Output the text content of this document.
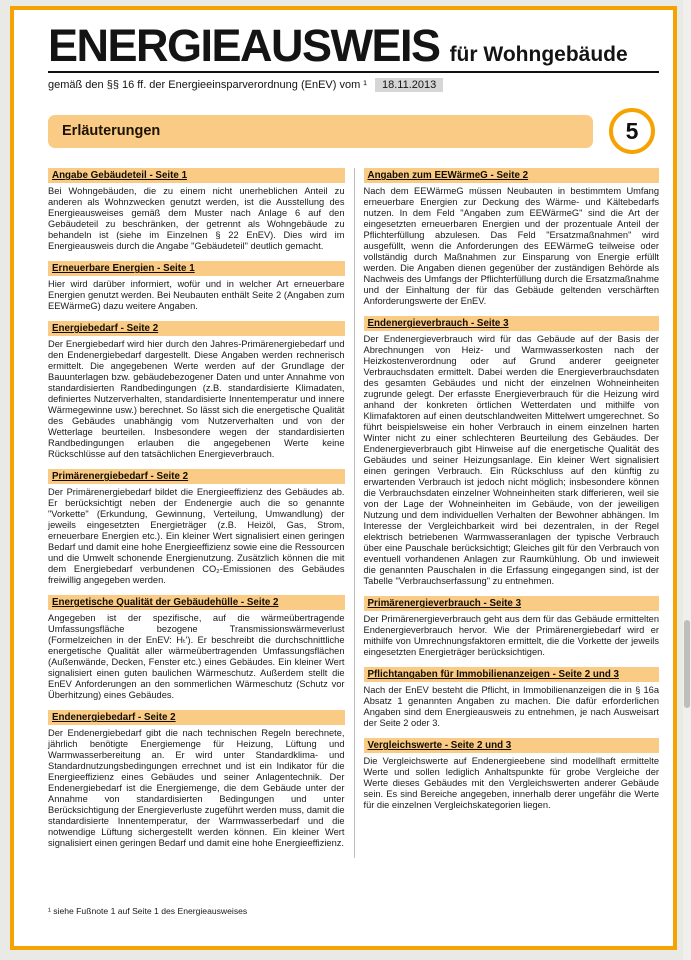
ENERGIEAUSWEIS für Wohngebäude
gemäß den §§ 16 ff. der Energieeinsparverordnung (EnEV) vom ¹	18.11.2013
Erläuterungen	5
Angabe Gebäudeteil - Seite 1

Bei Wohngebäuden, die zu einem nicht unerheblichen Anteil zu anderen als Wohnzwecken genutzt werden, ist die Ausstellung des Energieausweises gemäß dem Muster nach Anlage 6 auf den Gebäudeteil zu beschränken, der getrennt als Wohngebäude zu behandeln ist (siehe im Einzelnen § 22 EnEV). Dies wird im Energieausweis durch die Angabe "Gebäudeteil" deutlich gemacht.

Erneuerbare Energien - Seite 1

Hier wird darüber informiert, wofür und in welcher Art erneuerbare Energien genutzt werden. Bei Neubauten enthält Seite 2 (Angaben zum EEWärmeG) dazu weitere Angaben.

Energiebedarf - Seite 2

Der Energiebedarf wird hier durch den Jahres-Primärenergiebedarf und den Endenergiebedarf dargestellt. Diese Angaben werden rechnerisch ermittelt. Die angegebenen Werte werden auf der Grundlage der Bauunterlagen bzw. gebäudebezogener Daten und unter Annahme von standardisierten Randbedingungen (z.B. standardisierte Klimadaten, definiertes Nutzerverhalten, standardisierte Innentemperatur und innere Wärmegewinne usw.) berechnet. So lässt sich die energetische Qualität des Gebäudes unabhängig vom Nutzerverhalten und von der Wetterlage beurteilen. Insbesondere wegen der standardisierten Randbedingungen erlauben die angegebenen Werte keine Rückschlüsse auf den tatsächlichen Energieverbrauch.

Primärenergiebedarf - Seite 2

Der Primärenergiebedarf bildet die Energieeffizienz des Gebäudes ab. Er berücksichtigt neben der Endenergie auch die so genannte "Vorkette" (Erkundung, Gewinnung, Verteilung, Umwandlung) der jeweils eingesetzten Energieträger (z.B. Heizöl, Gas, Strom, erneuerbare Energien etc.). Ein kleiner Wert signalisiert einen geringen Bedarf und damit eine hohe Energieeffizienz sowie eine die Ressourcen und die Umwelt schonende Energienutzung. Zusätzlich können die mit dem Energiebedarf verbundenen CO₂-Emissionen des Gebäudes freiwillig angegeben werden.

Energetische Qualität der Gebäudehülle - Seite 2

Angegeben ist der spezifische, auf die wärmeübertragende Umfassungsfläche bezogene Transmissionswärmeverlust (Formelzeichen in der EnEV: Hₜ'). Er beschreibt die durchschnittliche energetische Qualität aller wärmeübertragenden Umfassungsflächen (Außenwände, Decken, Fenster etc.) eines Gebäudes. Ein kleiner Wert signalisiert einen guten baulichen Wärmeschutz. Außerdem stellt die EnEV Anforderungen an den sommerlichen Wärmeschutz (Schutz vor Überhitzung) eines Gebäudes.

Endenergiebedarf - Seite 2

Der Endenergiebedarf gibt die nach technischen Regeln berechnete, jährlich benötigte Energiemenge für Heizung, Lüftung und Warmwasserbereitung an. Er wird unter Standardklima- und Standardnutzungsbedingungen errechnet und ist ein Indikator für die Energieeffizienz eines Gebäudes und seiner Anlagentechnik. Der Endenergiebedarf ist die Energiemenge, die dem Gebäude unter der Annahme von standardisierten Bedingungen und unter Berücksichtigung der Energieverluste zugeführt werden muss, damit die standardisierte Innentemperatur, der Warmwasserbedarf und die notwendige Lüftung sichergestellt werden können. Ein kleiner Wert signalisiert einen geringen Bedarf und damit eine hohe Energieeffizienz.

Angaben zum EEWärmeG - Seite 2

Nach dem EEWärmeG müssen Neubauten in bestimmtem Umfang erneuerbare Energien zur Deckung des Wärme- und Kältebedarfs nutzen. In dem Feld "Angaben zum EEWärmeG" sind die Art der eingesetzten erneuerbaren Energien und der prozentuale Anteil der Pflichterfüllung abzulesen. Das Feld "Ersatzmaßnahmen" wird ausgefüllt, wenn die Anforderungen des EEWärmeG teilweise oder vollständig durch Maßnahmen zur Einsparung von Energie erfüllt werden. Die Angaben dienen gegenüber der zuständigen Behörde als Nachweis des Umfangs der Pflichterfüllung durch die Ersatzmaßnahme und der Einhaltung der für das Gebäude geltenden verschärften Anforderungswerte der EnEV.

Endenergieverbrauch - Seite 3

Der Endenergieverbrauch wird für das Gebäude auf der Basis der Abrechnungen von Heiz- und Warmwasserkosten nach der Heizkostenverordnung oder auf Grund anderer geeigneter Verbrauchsdaten ermittelt. Dabei werden die Energieverbrauchsdaten des gesamten Gebäudes und nicht der einzelnen Wohneinheiten zugrunde gelegt. Der erfasste Energieverbrauch für die Heizung wird anhand der konkreten örtlichen Wetterdaten und mithilfe von Klimafaktoren auf einen deutschlandweiten Mittelwert umgerechnet. So führt beispielsweise ein hoher Verbrauch in einem einzelnen harten Winter nicht zu einer schlechteren Beurteilung des Gebäudes. Der Endenergieverbrauch gibt Hinweise auf die energetische Qualität des Gebäudes und seiner Heizungsanlage. Ein kleiner Wert signalisiert einen geringen Verbrauch. Ein Rückschluss auf den künftig zu erwartenden Verbrauch ist jedoch nicht möglich; insbesondere können die Verbrauchsdaten einzelner Wohneinheiten stark differieren, weil sie von der Lage der Wohneinheiten im Gebäude, von der jeweiligen Nutzung und dem individuellen Verhalten der Bewohner abhängen. Im Interesse der Vergleichbarkeit wird bei dezentralen, in der Regel elektrisch betriebenen Warmwasseranlagen der typische Verbrauch über eine Pauschale berücksichtigt; Gleiches gilt für den Verbrauch von eventuell vorhandenen Anlagen zur Raumkühlung. Ob und inwieweit die genannten Pauschalen in die Erfassung eingegangen sind, ist der Tabelle "Verbrauchserfassung" zu entnehmen.

Primärenergieverbrauch - Seite 3

Der Primärenergieverbrauch geht aus dem für das Gebäude ermittelten Endenergieverbrauch hervor. Wie der Primärenergiebedarf wird er mithilfe von Umrechnungsfaktoren ermittelt, die die Vorkette der jeweils eingesetzten Energieträger berücksichtigen.

Pflichtangaben für Immobilienanzeigen - Seite 2 und 3

Nach der EnEV besteht die Pflicht, in Immobilienanzeigen die in § 16a Absatz 1 genannten Angaben zu machen. Die dafür erforderlichen Angaben sind dem Energieausweis zu entnehmen, je nach Ausweisart der Seite 2 oder 3.

Vergleichswerte - Seite 2 und 3

Die Vergleichswerte auf Endenergieebene sind modellhaft ermittelte Werte und sollen lediglich Anhaltspunkte für grobe Vergleiche der Werte dieses Gebäudes mit den Vergleichswerten anderer Gebäude sein. Es sind Bereiche angegeben, innerhalb derer ungefähr die Werte für die einzelnen Vergleichskategorien liegen.

¹ siehe Fußnote 1 auf Seite 1 des Energieausweises
